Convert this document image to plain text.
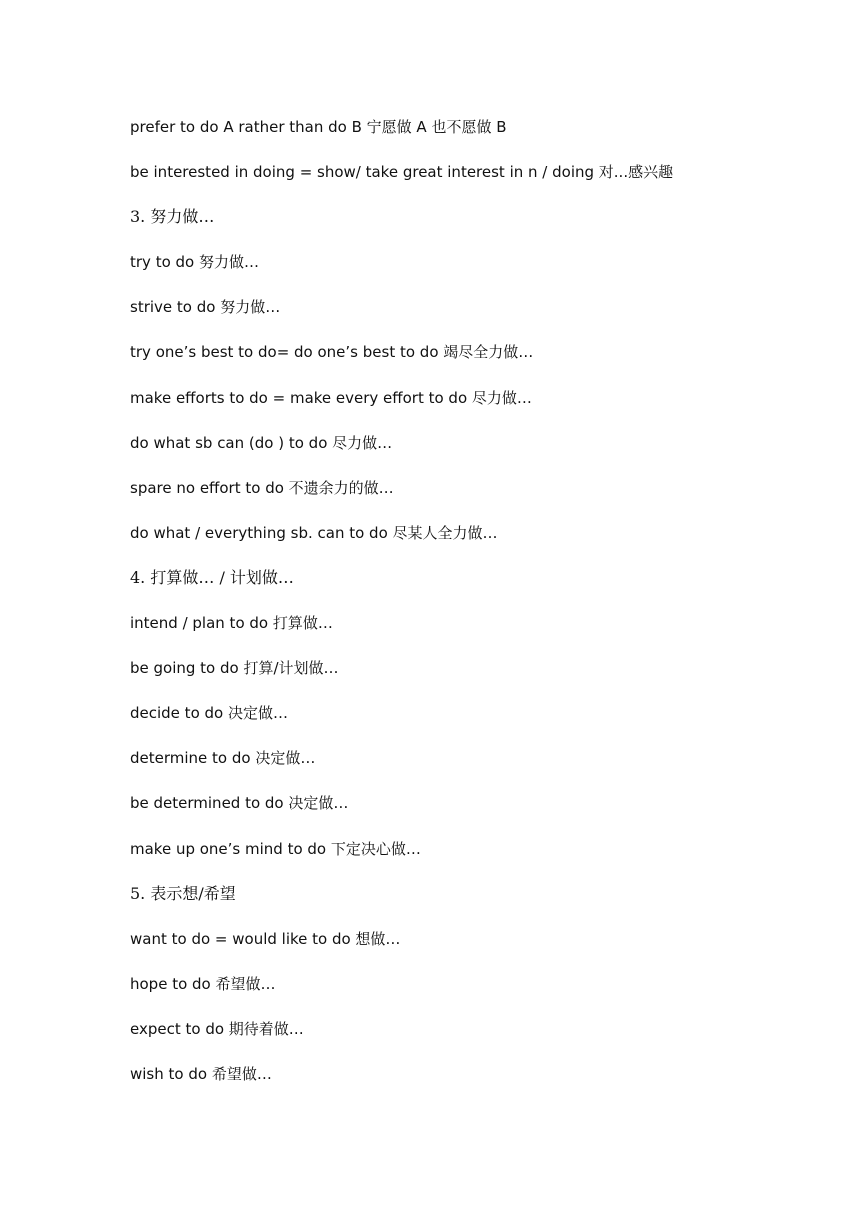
prefer to do A rather than do B 宁愿做 A 也不愿做 B
be interested in doing = show/ take great interest in n / doing 对...感兴趣
3. 努力做…
try to do 努力做…
strive to do 努力做…
try one’s best to do= do one’s best to do 竭尽全力做…
make efforts to do = make every effort to do 尽力做…
do what sb can (do ) to do 尽力做…
spare no effort to do 不遗余力的做…
do what / everything sb. can to do 尽某人全力做…
4. 打算做… / 计划做…
intend / plan to do 打算做…
be going to do 打算/计划做…
decide to do 决定做…
determine to do 决定做…
be determined to do 决定做…
make up one’s mind to do 下定决心做…
5. 表示想/希望
want to do = would like to do 想做…
hope to do 希望做…
expect to do 期待着做…
wish to do 希望做…
